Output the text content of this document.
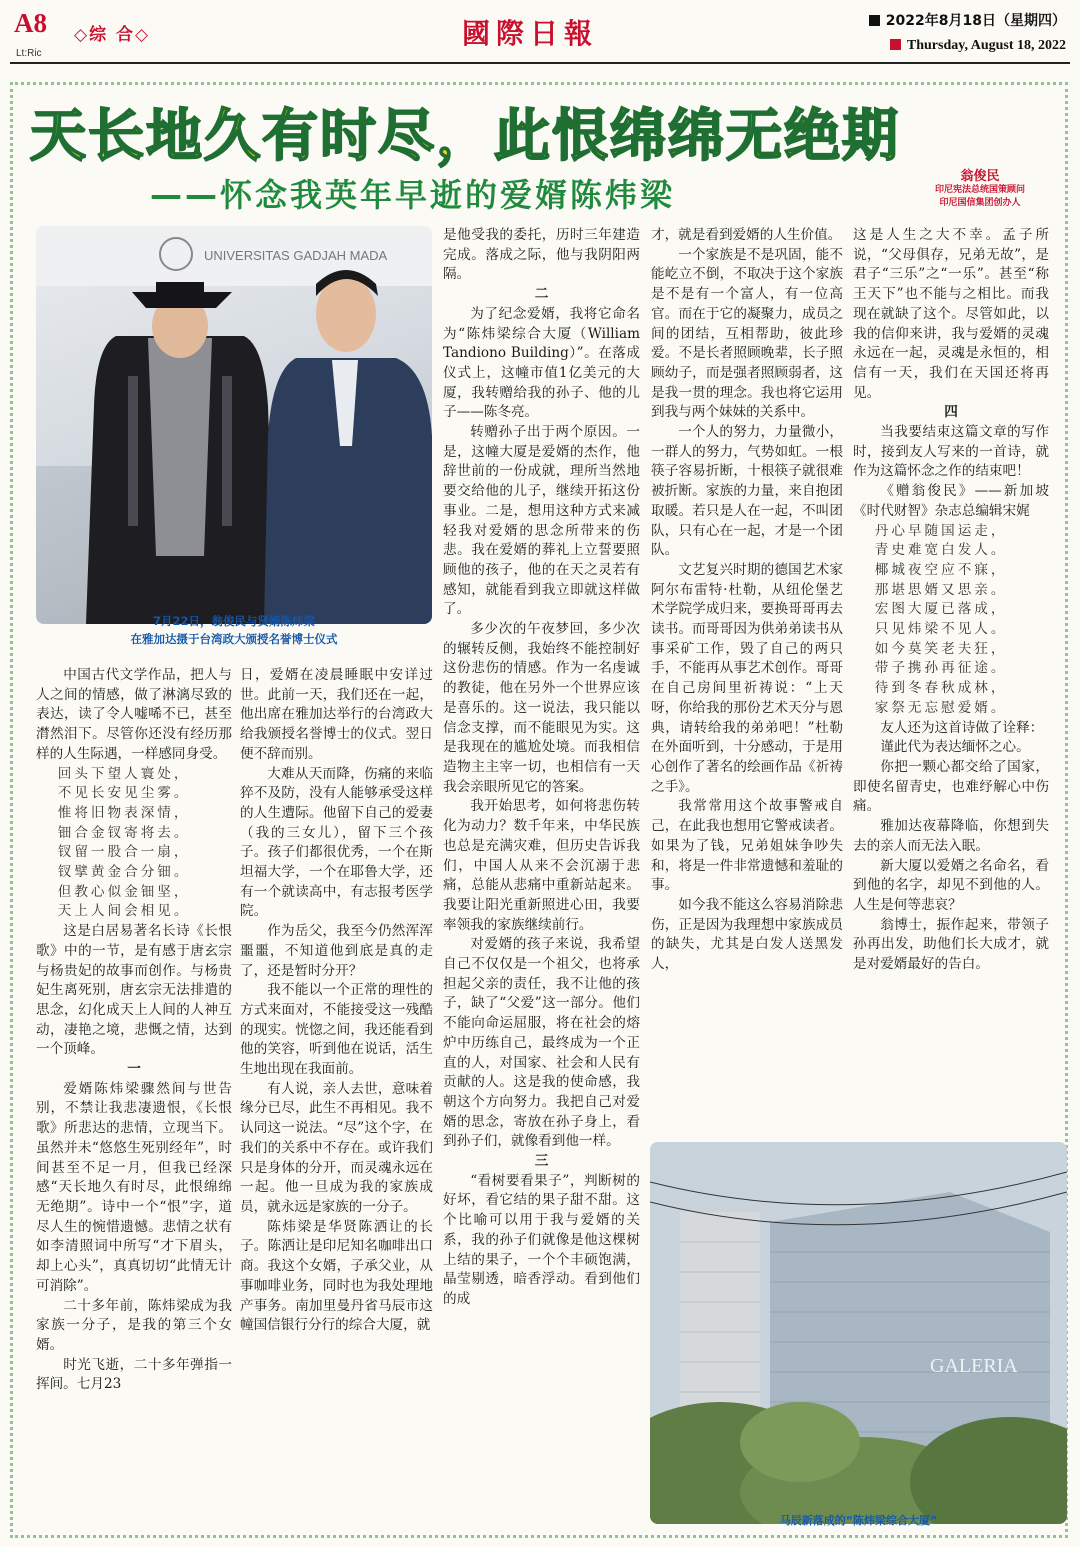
A8 ◇综 合◇
Lt:Ric
國際日報	2022年8月18日（星期四）
Thursday, August 18, 2022
天长地久有时尽，此恨绵绵无绝期
——怀念我英年早逝的爱婿陈炜梁	翁俊民
印尼宪法总统国策顾问
印尼国信集团创办人
UNIVERSITAS GADJAH MADA
7月22日，翁俊民与贤婿陈炜梁
在雅加达摄于台湾政大颁授名誉博士仪式
GALERIA
马辰新落成的“陈炜梁综合大厦”

中国古代文学作品，把人与人之间的情感，做了淋漓尽致的表达，读了令人嘘唏不已，甚至潸然泪下。尽管你还没有经历那样的人生际遇，一样感同身受。

回头下望人寰处，

不见长安见尘雾。

惟将旧物表深情，

钿合金钗寄将去。

钗留一股合一扇，

钗擘黄金合分钿。

但教心似金钿坚，

天上人间会相见。

这是白居易著名长诗《长恨歌》中的一节，是有感于唐玄宗与杨贵妃的故事而创作。与杨贵妃生离死别，唐玄宗无法排遣的思念，幻化成天上人间的人神互动，凄艳之境，悲慨之情，达到一个顶峰。

一

爱婿陈炜梁骤然间与世告别，不禁让我悲凄遗恨，《长恨歌》所悲达的悲情，立现当下。虽然并未“悠悠生死别经年”，时间甚至不足一月，但我已经深感“天长地久有时尽，此恨绵绵无绝期”。诗中一个“恨”字，道尽人生的惋惜遗憾。悲情之状有如李清照词中所写“才下眉头，却上心头”，真真切切“此情无计可消除”。

二十多年前，陈炜梁成为我家族一分子，是我的第三个女婿。

时光飞逝，二十多年弹指一挥间。七月23

日，爱婿在凌晨睡眠中安详过世。此前一天，我们还在一起，他出席在雅加达举行的台湾政大给我颁授名誉博士的仪式。翌日便不辞而别。

大难从天而降，伤痛的来临猝不及防，没有人能够承受这样的人生遭际。他留下自己的爱妻（我的三女儿），留下三个孩子。孩子们都很优秀，一个在斯坦福大学，一个在耶鲁大学，还有一个就读高中，有志报考医学院。

作为岳父，我至今仍然浑浑噩噩，不知道他到底是真的走了，还是暂时分开？

我不能以一个正常的理性的方式来面对，不能接受这一残酷的现实。恍惚之间，我还能看到他的笑容，听到他在说话，活生生地出现在我面前。

有人说，亲人去世，意味着缘分已尽，此生不再相见。我不认同这一说法。“尽”这个字，在我们的关系中不存在。或许我们只是身体的分开，而灵魂永远在一起。他一旦成为我的家族成员，就永远是家族的一分子。

陈炜梁是华贤陈洒让的长子。陈洒让是印尼知名咖啡出口商。我这个女婿，子承父业，从事咖啡业务，同时也为我处理地产事务。南加里曼丹省马辰市这幢国信银行分行的综合大厦，就

是他受我的委托，历时三年建造完成。落成之际，他与我阴阳两隔。

二

为了纪念爱婿，我将它命名为“陈炜梁综合大厦（William Tandiono Building）”。在落成仪式上，这幢市值1亿美元的大厦，我转赠给我的孙子、他的儿子——陈冬亮。

转赠孙子出于两个原因。一是，这幢大厦是爱婿的杰作，他辞世前的一份成就，理所当然地要交给他的儿子，继续开拓这份事业。二是，想用这种方式来减轻我对爱婿的思念所带来的伤悲。我在爱婿的葬礼上立誓要照顾他的孩子，他的在天之灵若有感知，就能看到我立即就这样做了。

多少次的午夜梦回，多少次的辗转反侧，我始终不能控制好这份悲伤的情感。作为一名虔诚的教徒，他在另外一个世界应该是喜乐的。这一说法，我只能以信念支撑，而不能眼见为实。这是我现在的尴尬处境。而我相信造物主主宰一切，也相信有一天我会亲眼所见它的答案。

我开始思考，如何将悲伤转化为动力？数千年来，中华民族也总是充满灾难，但历史告诉我们，中国人从来不会沉溺于悲痛，总能从悲痛中重新站起来。我要让阳光重新照进心田，我要率领我的家族继续前行。

对爱婿的孩子来说，我希望自己不仅仅是一个祖父，也将承担起父亲的责任，我不让他的孩子，缺了“父爱”这一部分。他们不能向命运屈服，将在社会的熔炉中历练自己，最终成为一个正直的人，对国家、社会和人民有贡献的人。这是我的使命感，我朝这个方向努力。我把自己对爱婿的思念，寄放在孙子身上，看到孙子们，就像看到他一样。

三

“看树要看果子”，判断树的好坏，看它结的果子甜不甜。这个比喻可以用于我与爱婿的关系，我的孙子们就像是他这棵树上结的果子，一个个丰硕饱满，晶莹剔透，暗香浮动。看到他们的成

才，就是看到爱婿的人生价值。

一个家族是不是巩固，能不能屹立不倒，不取决于这个家族是不是有一个富人，有一位高官。而在于它的凝聚力，成员之间的团结，互相帮助，彼此珍爱。不是长者照顾晚辈，长子照顾幼子，而是强者照顾弱者，这是我一贯的理念。我也将它运用到我与两个妹妹的关系中。

一个人的努力，力量微小，一群人的努力，气势如虹。一根筷子容易折断，十根筷子就很难被折断。家族的力量，来自抱团取暖。若只是人在一起，不叫团队，只有心在一起，才是一个团队。

文艺复兴时期的德国艺术家阿尔布雷特·杜勒，从纽伦堡艺术学院学成归来，要换哥哥再去读书。而哥哥因为供弟弟读书从事采矿工作，毁了自己的两只手，不能再从事艺术创作。哥哥在自己房间里祈祷说：“上天呀，你给我的那份艺术天分与恩典，请转给我的弟弟吧！”杜勒在外面听到，十分感动，于是用心创作了著名的绘画作品《祈祷之手》。

我常常用这个故事警戒自己，在此我也想用它警戒读者。如果为了钱，兄弟姐妹争吵失和，将是一件非常遗憾和羞耻的事。

如今我不能这么容易消除悲伤，正是因为我理想中家族成员的缺失，尤其是白发人送黑发人，

这是人生之大不幸。孟子所说，“父母俱存，兄弟无故”，是君子“三乐”之“一乐”。甚至“称王天下”也不能与之相比。而我现在就缺了这个。尽管如此，以我的信仰来讲，我与爱婿的灵魂永远在一起，灵魂是永恒的，相信有一天，我们在天国还将再见。

四

当我要结束这篇文章的写作时，接到友人写来的一首诗，就作为这篇怀念之作的结束吧！

《赠翁俊民》——新加坡《时代财智》杂志总编辑宋娓

丹心早随国运走，

青史难宽白发人。

椰城夜空应不寐，

那堪思婿又思亲。

宏图大厦已落成，

只见炜梁不见人。

如今莫笑老夫狂，

带子携孙再征途。

待到冬春秋成林，

家祭无忘慰爱婿。

友人还为这首诗做了诠释：

谨此代为表达缅怀之心。

你把一颗心都交给了国家，即使名留青史，也难纾解心中伤痛。

雅加达夜幕降临，你想到失去的亲人而无法入眠。

新大厦以爱婿之名命名，看到他的名字，却见不到他的人。人生是何等悲哀？

翁博士，振作起来，带领子孙再出发，助他们长大成才，就是对爱婿最好的告白。
